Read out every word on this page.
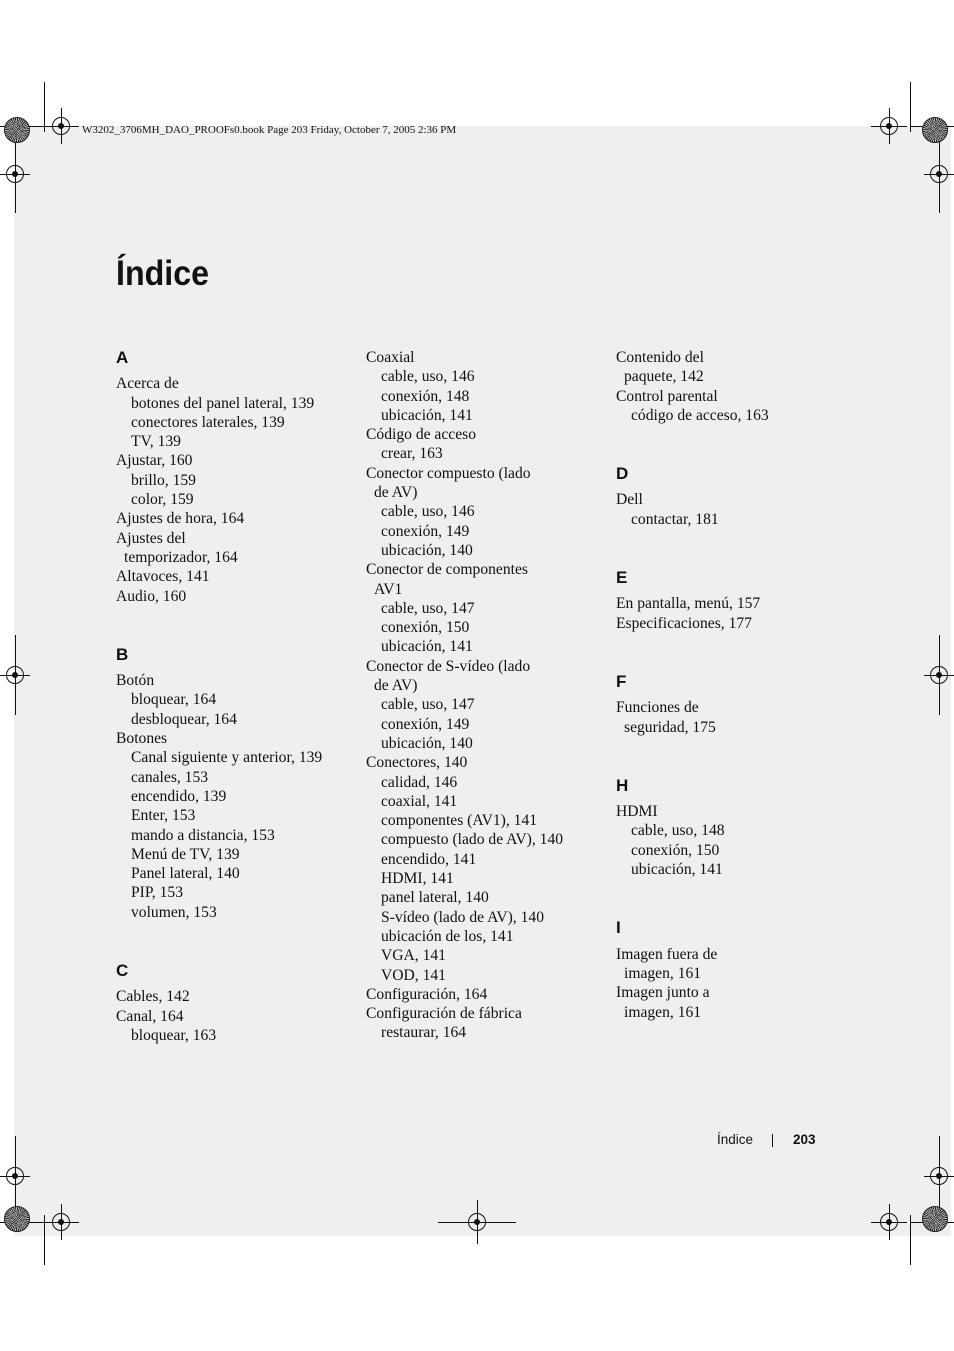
W3202_3706MH_DAO_PROOFs0.book Page 203 Friday, October 7, 2005 2:36 PM
Índice
A
Acerca de
botones del panel lateral, 139
conectores laterales, 139
TV, 139
Ajustar, 160
brillo, 159
color, 159
Ajustes de hora, 164
Ajustes del
temporizador, 164
Altavoces, 141
Audio, 160
B
Botón
bloquear, 164
desbloquear, 164
Botones
Canal siguiente y anterior, 139
canales, 153
encendido, 139
Enter, 153
mando a distancia, 153
Menú de TV, 139
Panel lateral, 140
PIP, 153
volumen, 153
C
Cables, 142
Canal, 164
bloquear, 163
Coaxial
cable, uso, 146
conexión, 148
ubicación, 141
Código de acceso
crear, 163
Conector compuesto (lado
de AV)
cable, uso, 146
conexión, 149
ubicación, 140
Conector de componentes
AV1
cable, uso, 147
conexión, 150
ubicación, 141
Conector de S-vídeo (lado
de AV)
cable, uso, 147
conexión, 149
ubicación, 140
Conectores, 140
calidad, 146
coaxial, 141
componentes (AV1), 141
compuesto (lado de AV), 140
encendido, 141
HDMI, 141
panel lateral, 140
S-vídeo (lado de AV), 140
ubicación de los, 141
VGA, 141
VOD, 141
Configuración, 164
Configuración de fábrica
restaurar, 164
Contenido del
paquete, 142
Control parental
código de acceso, 163
D
Dell
contactar, 181
E
En pantalla, menú, 157
Especificaciones, 177
F
Funciones de
seguridad, 175
H
HDMI
cable, uso, 148
conexión, 150
ubicación, 141
I
Imagen fuera de
imagen, 161
Imagen junto a
imagen, 161
Índice	203
